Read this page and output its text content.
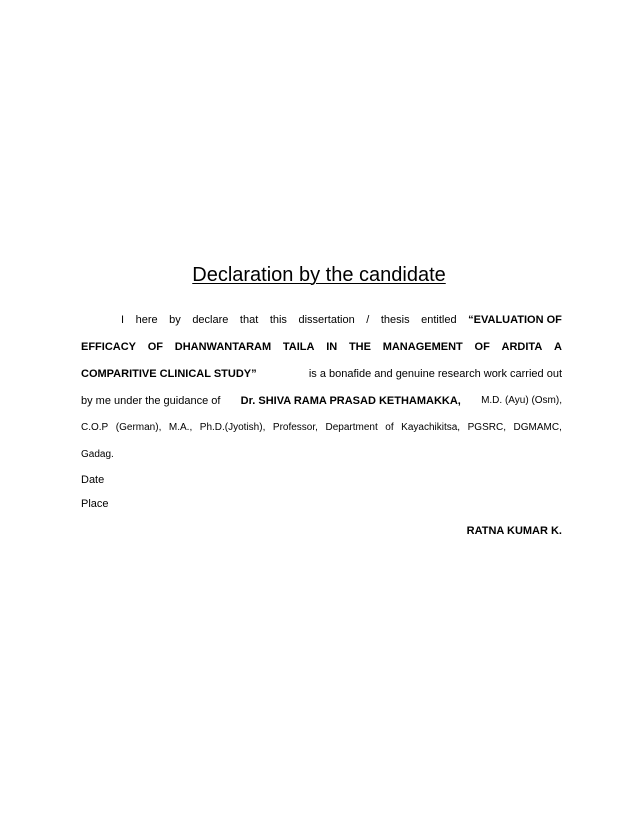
Declaration by the candidate
I here by declare that this dissertation / thesis entitled “EVALUATION OF
EFFICACY OF DHANWANTARAM TAILA IN THE MANAGEMENT OF ARDITA A
COMPARITIVE CLINICAL STUDY”	is a bonafide and genuine research work carried out
by me under the guidance of Dr. SHIVA RAMA PRASAD KETHAMAKKA, M.D. (Ayu) (Osm),
C.O.P (German), M.A., Ph.D.(Jyotish), Professor, Department of Kayachikitsa, PGSRC, DGMAMC,
Gadag.
Date
Place
RATNA KUMAR K.
